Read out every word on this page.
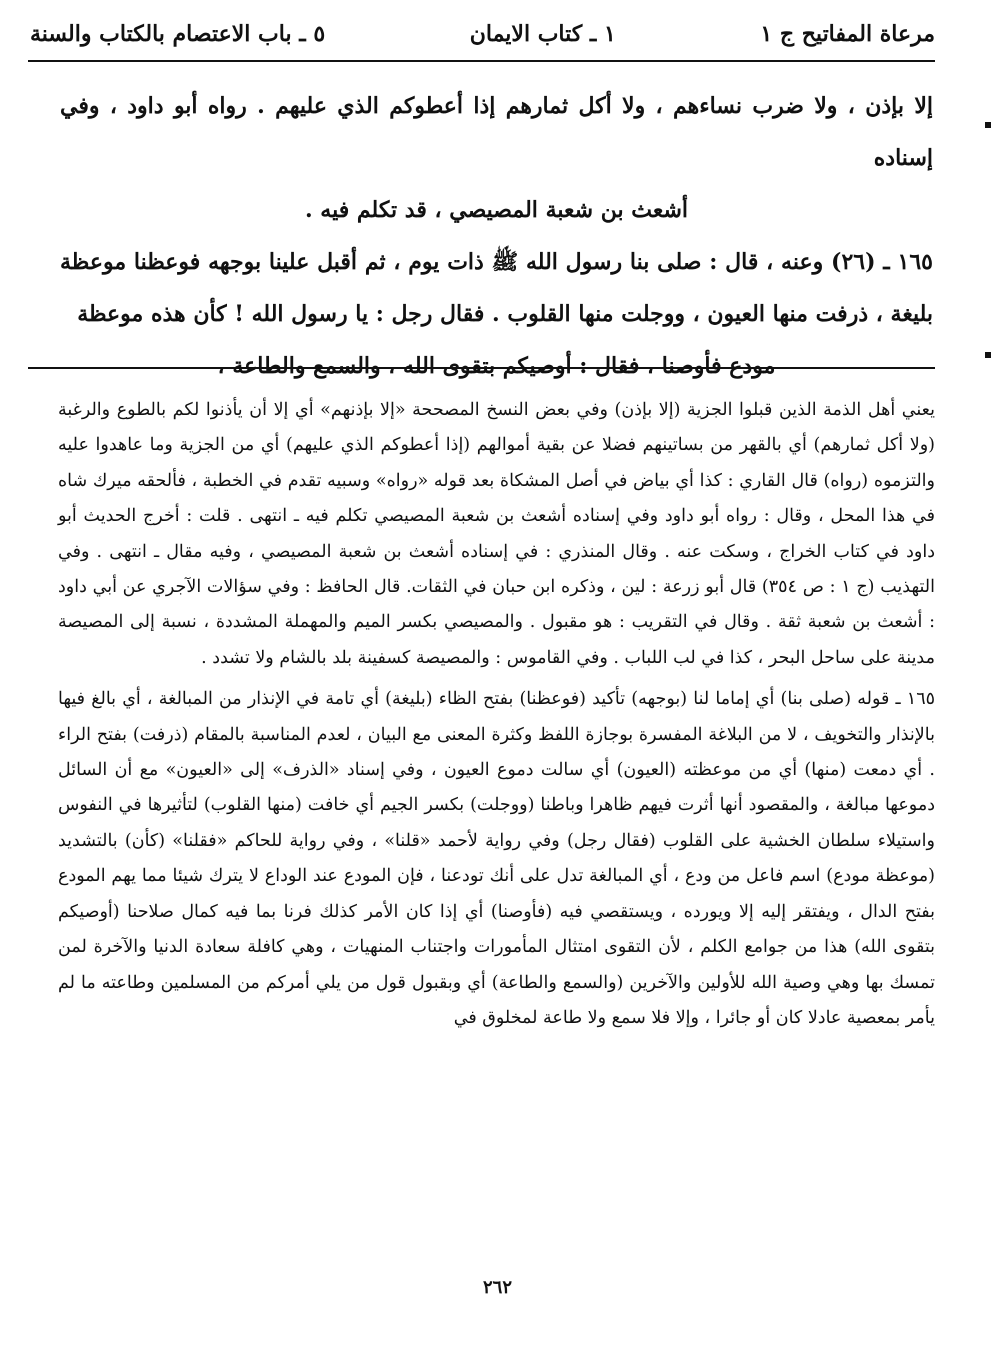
مرعاة المفاتيح ج ١
١ ـ كتاب الايمان
٥ ـ باب الاعتصام بالكتاب والسنة

إلا بإذن ، ولا ضرب نساءهم ، ولا أكل ثمارهم إذا أعطوكم الذي عليهم . رواه أبو داود ، وفي إسناده

أشعث بن شعبة المصيصي ، قد تكلم فيه .

١٦٥ ـ (٢٦) وعنه ، قال : صلى بنا رسول الله ﷺ ذات يوم ، ثم أقبل علينا بوجهه فوعظنا موعظة بليغة ، ذرفت منها العيون ، ووجلت منها القلوب . فقال رجل : يا رسول الله ! كأن هذه موعظة

مودع فأوصنا ، فقال : أوصيكم بتقوى الله ، والسمع والطاعة ،

يعني أهل الذمة الذين قبلوا الجزية (إلا بإذن) وفي بعض النسخ المصححة «إلا بإذنهم» أي إلا أن يأذنوا لكم بالطوع والرغبة (ولا أكل ثمارهم) أي بالقهر من بساتينهم فضلا عن بقية أموالهم (إذا أعطوكم الذي عليهم) أي من الجزية وما عاهدوا عليه والتزموه (رواه) قال القاري : كذا أي بياض في أصل المشكاة بعد قوله «رواه» وسبيه تقدم في الخطبة ، فألحقه ميرك شاه في هذا المحل ، وقال : رواه أبو داود وفي إسناده أشعث بن شعبة المصيصي تكلم فيه ـ انتهى . قلت : أخرج الحديث أبو داود في كتاب الخراج ، وسكت عنه . وقال المنذري : في إسناده أشعث بن شعبة المصيصي ، وفيه مقال ـ انتهى . وفي التهذيب (ج ١ : ص ٣٥٤) قال أبو زرعة : لين ، وذكره ابن حبان في الثقات. قال الحافظ : وفي سؤالات الآجري عن أبي داود : أشعث بن شعبة ثقة . وقال في التقريب : هو مقبول . والمصيصي بكسر الميم والمهملة المشددة ، نسبة إلى المصيصة مدينة على ساحل البحر ، كذا في لب اللباب . وفي القاموس : والمصيصة كسفينة بلد بالشام ولا تشدد .

١٦٥ ـ قوله (صلى بنا) أي إماما لنا (بوجهه) تأكيد (فوعظنا) بفتح الظاء (بليغة) أي تامة في الإنذار من المبالغة ، أي بالغ فيها بالإنذار والتخويف ، لا من البلاغة المفسرة بوجازة اللفظ وكثرة المعنى مع البيان ، لعدم المناسبة بالمقام (ذرفت) بفتح الراء . أي دمعت (منها) أي من موعظته (العيون) أي سالت دموع العيون ، وفي إسناد «الذرف» إلى «العيون» مع أن السائل دموعها مبالغة ، والمقصود أنها أثرت فيهم ظاهرا وباطنا (ووجلت) بكسر الجيم أي خافت (منها القلوب) لتأثيرها في النفوس واستيلاء سلطان الخشية على القلوب (فقال رجل) وفي رواية لأحمد «قلنا» ، وفي رواية للحاكم «فقلنا» (كأن) بالتشديد (موعظة مودع) اسم فاعل من ودع ، أي المبالغة تدل على أنك تودعنا ، فإن المودع عند الوداع لا يترك شيئا مما يهم المودع بفتح الدال ، ويفتقر إليه إلا ويورده ، ويستقصي فيه (فأوصنا) أي إذا كان الأمر كذلك فرنا بما فيه كمال صلاحنا (أوصيكم بتقوى الله) هذا من جوامع الكلم ، لأن التقوى امتثال المأمورات واجتناب المنهيات ، وهي كافلة سعادة الدنيا والآخرة لمن تمسك بها وهي وصية الله للأولين والآخرين (والسمع والطاعة) أي وبقبول قول من يلي أمركم من المسلمين وطاعته ما لم يأمر بمعصية عادلا كان أو جائرا ، وإلا فلا سمع ولا طاعة لمخلوق في

٢٦٢
